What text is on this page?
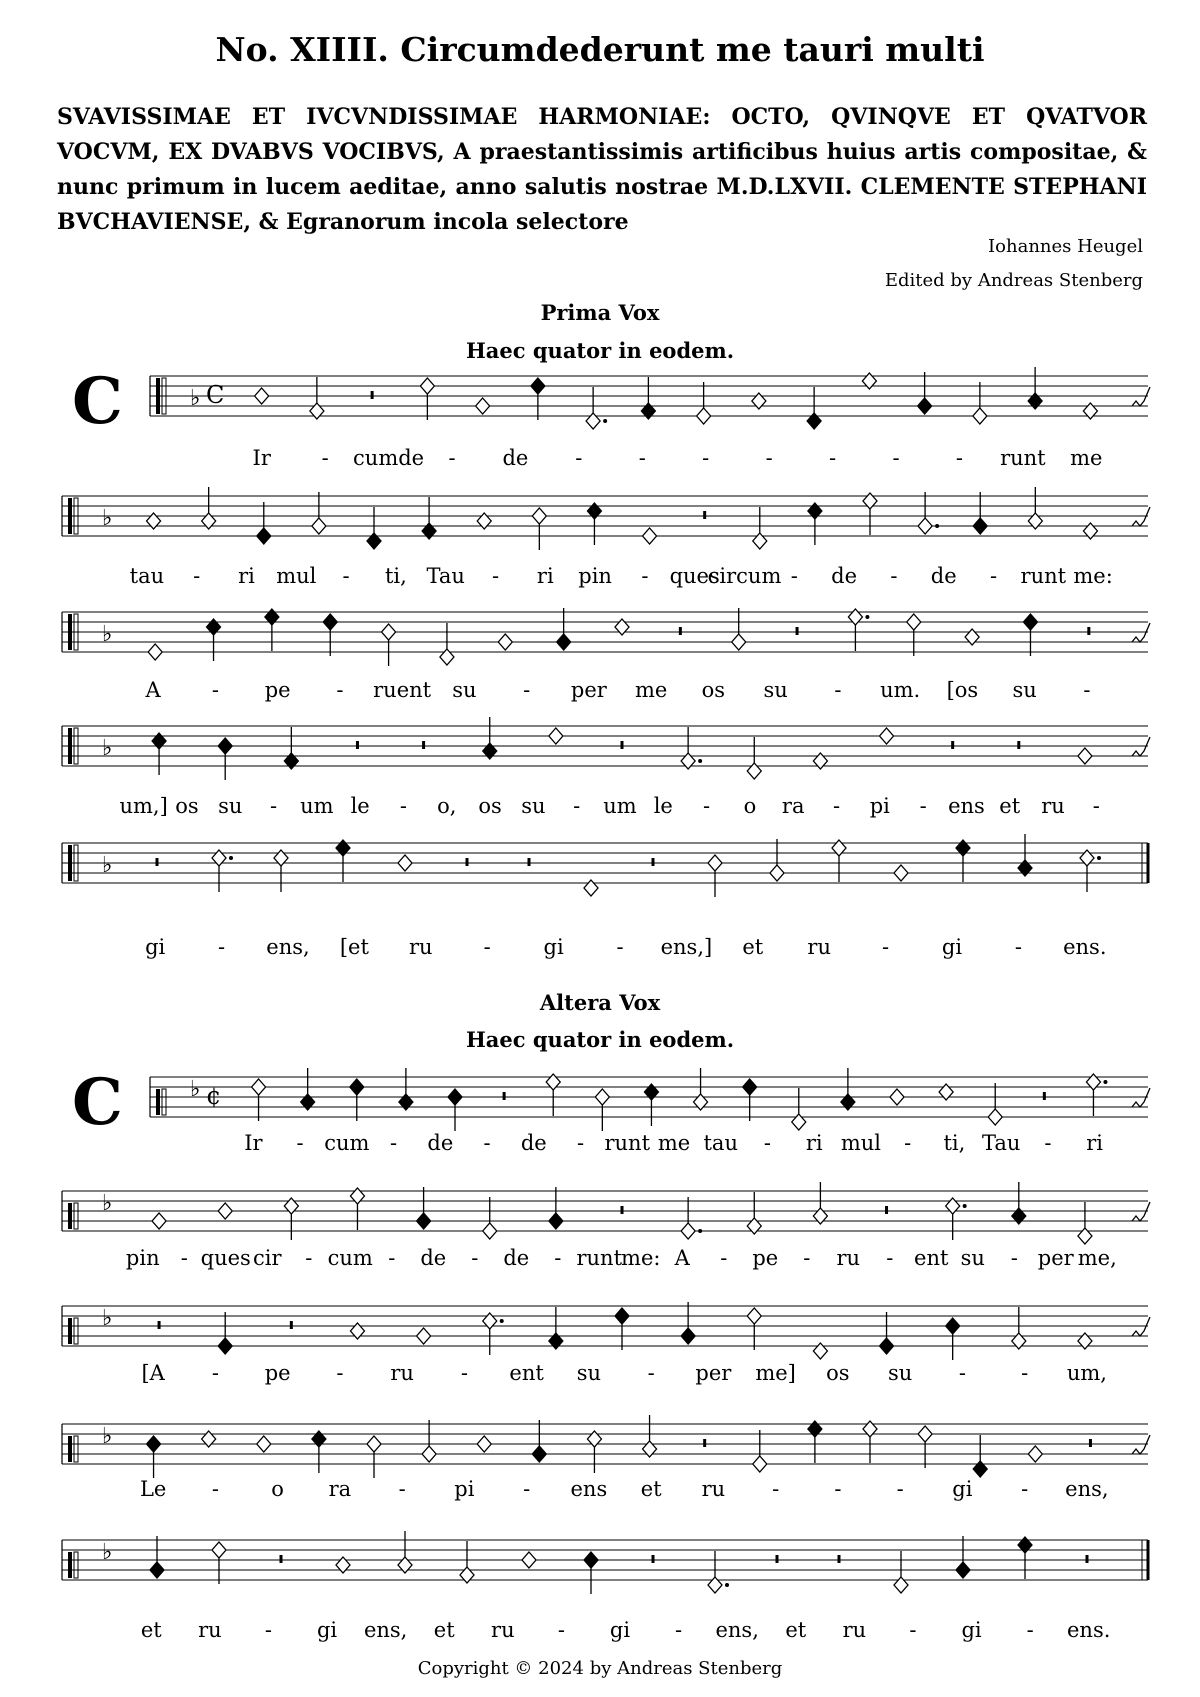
No. XIIII. Circumdederunt me tauri multi
SVAVISSIMAE ET IVCVNDISSIMAE HARMONIAE: OCTO, QVINQVE ET QVATVOR VOCVM, EX DVABVS VOCIBVS, A praestantissimis artificibus huius artis compositae, & nunc primum in lucem aeditae, anno salutis nostrae M.D.LXVII. CLEMENTE STEPHANI BVCHAVIENSE, & Egranorum incola selectore
Iohannes Heugel
Edited by Andreas Stenberg
Prima Vox
Haec quator in eodem.
Altera Vox
Haec quator in eodem.
C	♭ C
Ir - cumde - de -	-	-	-	-	-	- runt me
♭
tau - ri mul - ti, Tau - ri pin - ques
circum - de - de - runt me:
♭
A - pe - ruent su - per me os su - um. [os su -
♭
um,] os su - um le - o, os su - um le - o ra - pi - ens et ru -
♭
gi	- ens, [et ru -	gi	- ens,] et ru -	gi	- ens.
C	♭ ¢
Ir - cum - de - de - runt me tau - ri mul - ti, Tau - ri
♭
pin - ques cir - cum - de - de - runt me: A - pe - ru - ent su - per me,
♭
[A - pe - ru - ent su - per me] os su -	- um,
♭
Le - o ra - pi - ens et ru -	-	- gi - ens,
♭
et ru - gi ens, et ru - gi - ens, et ru - gi - ens.
Copyright © 2024 by Andreas Stenberg
